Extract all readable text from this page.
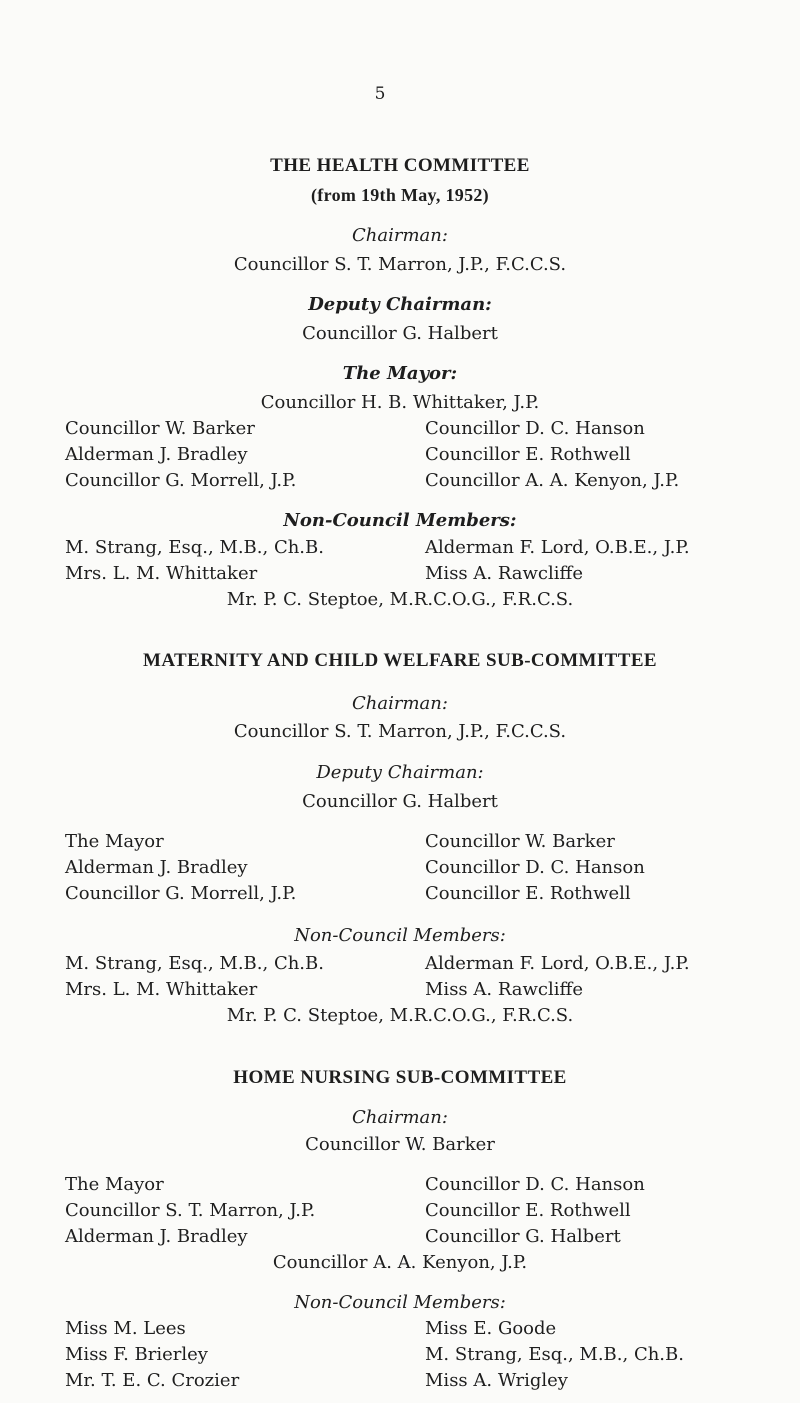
5
THE HEALTH COMMITTEE
(from 19th May, 1952)
Chairman:
Councillor S. T. Marron, J.P., F.C.C.S.
Deputy Chairman:
Councillor G. Halbert
The Mayor:
Councillor H. B. Whittaker, J.P.
Councillor W. Barker
Alderman J. Bradley
Councillor G. Morrell, J.P.
Councillor D. C. Hanson
Councillor E. Rothwell
Councillor A. A. Kenyon, J.P.
Non-Council Members:
M. Strang, Esq., M.B., Ch.B.
Mrs. L. M. Whittaker
Alderman F. Lord, O.B.E., J.P.
Miss A. Rawcliffe
Mr. P. C. Steptoe, M.R.C.O.G., F.R.C.S.
MATERNITY AND CHILD WELFARE SUB-COMMITTEE
Chairman:
Councillor S. T. Marron, J.P., F.C.C.S.
Deputy Chairman:
Councillor G. Halbert
The Mayor
Alderman J. Bradley
Councillor G. Morrell, J.P.
Councillor W. Barker
Councillor D. C. Hanson
Councillor E. Rothwell
Non-Council Members:
M. Strang, Esq., M.B., Ch.B.
Mrs. L. M. Whittaker
Alderman F. Lord, O.B.E., J.P.
Miss A. Rawcliffe
Mr. P. C. Steptoe, M.R.C.O.G., F.R.C.S.
HOME NURSING SUB-COMMITTEE
Chairman:
Councillor W. Barker
The Mayor
Councillor S. T. Marron, J.P.
Alderman J. Bradley
Councillor D. C. Hanson
Councillor E. Rothwell
Councillor G. Halbert
Councillor A. A. Kenyon, J.P.
Non-Council Members:
Miss M. Lees
Miss F. Brierley
Mr. T. E. C. Crozier
Miss E. Goode
M. Strang, Esq., M.B., Ch.B.
Miss A. Wrigley
